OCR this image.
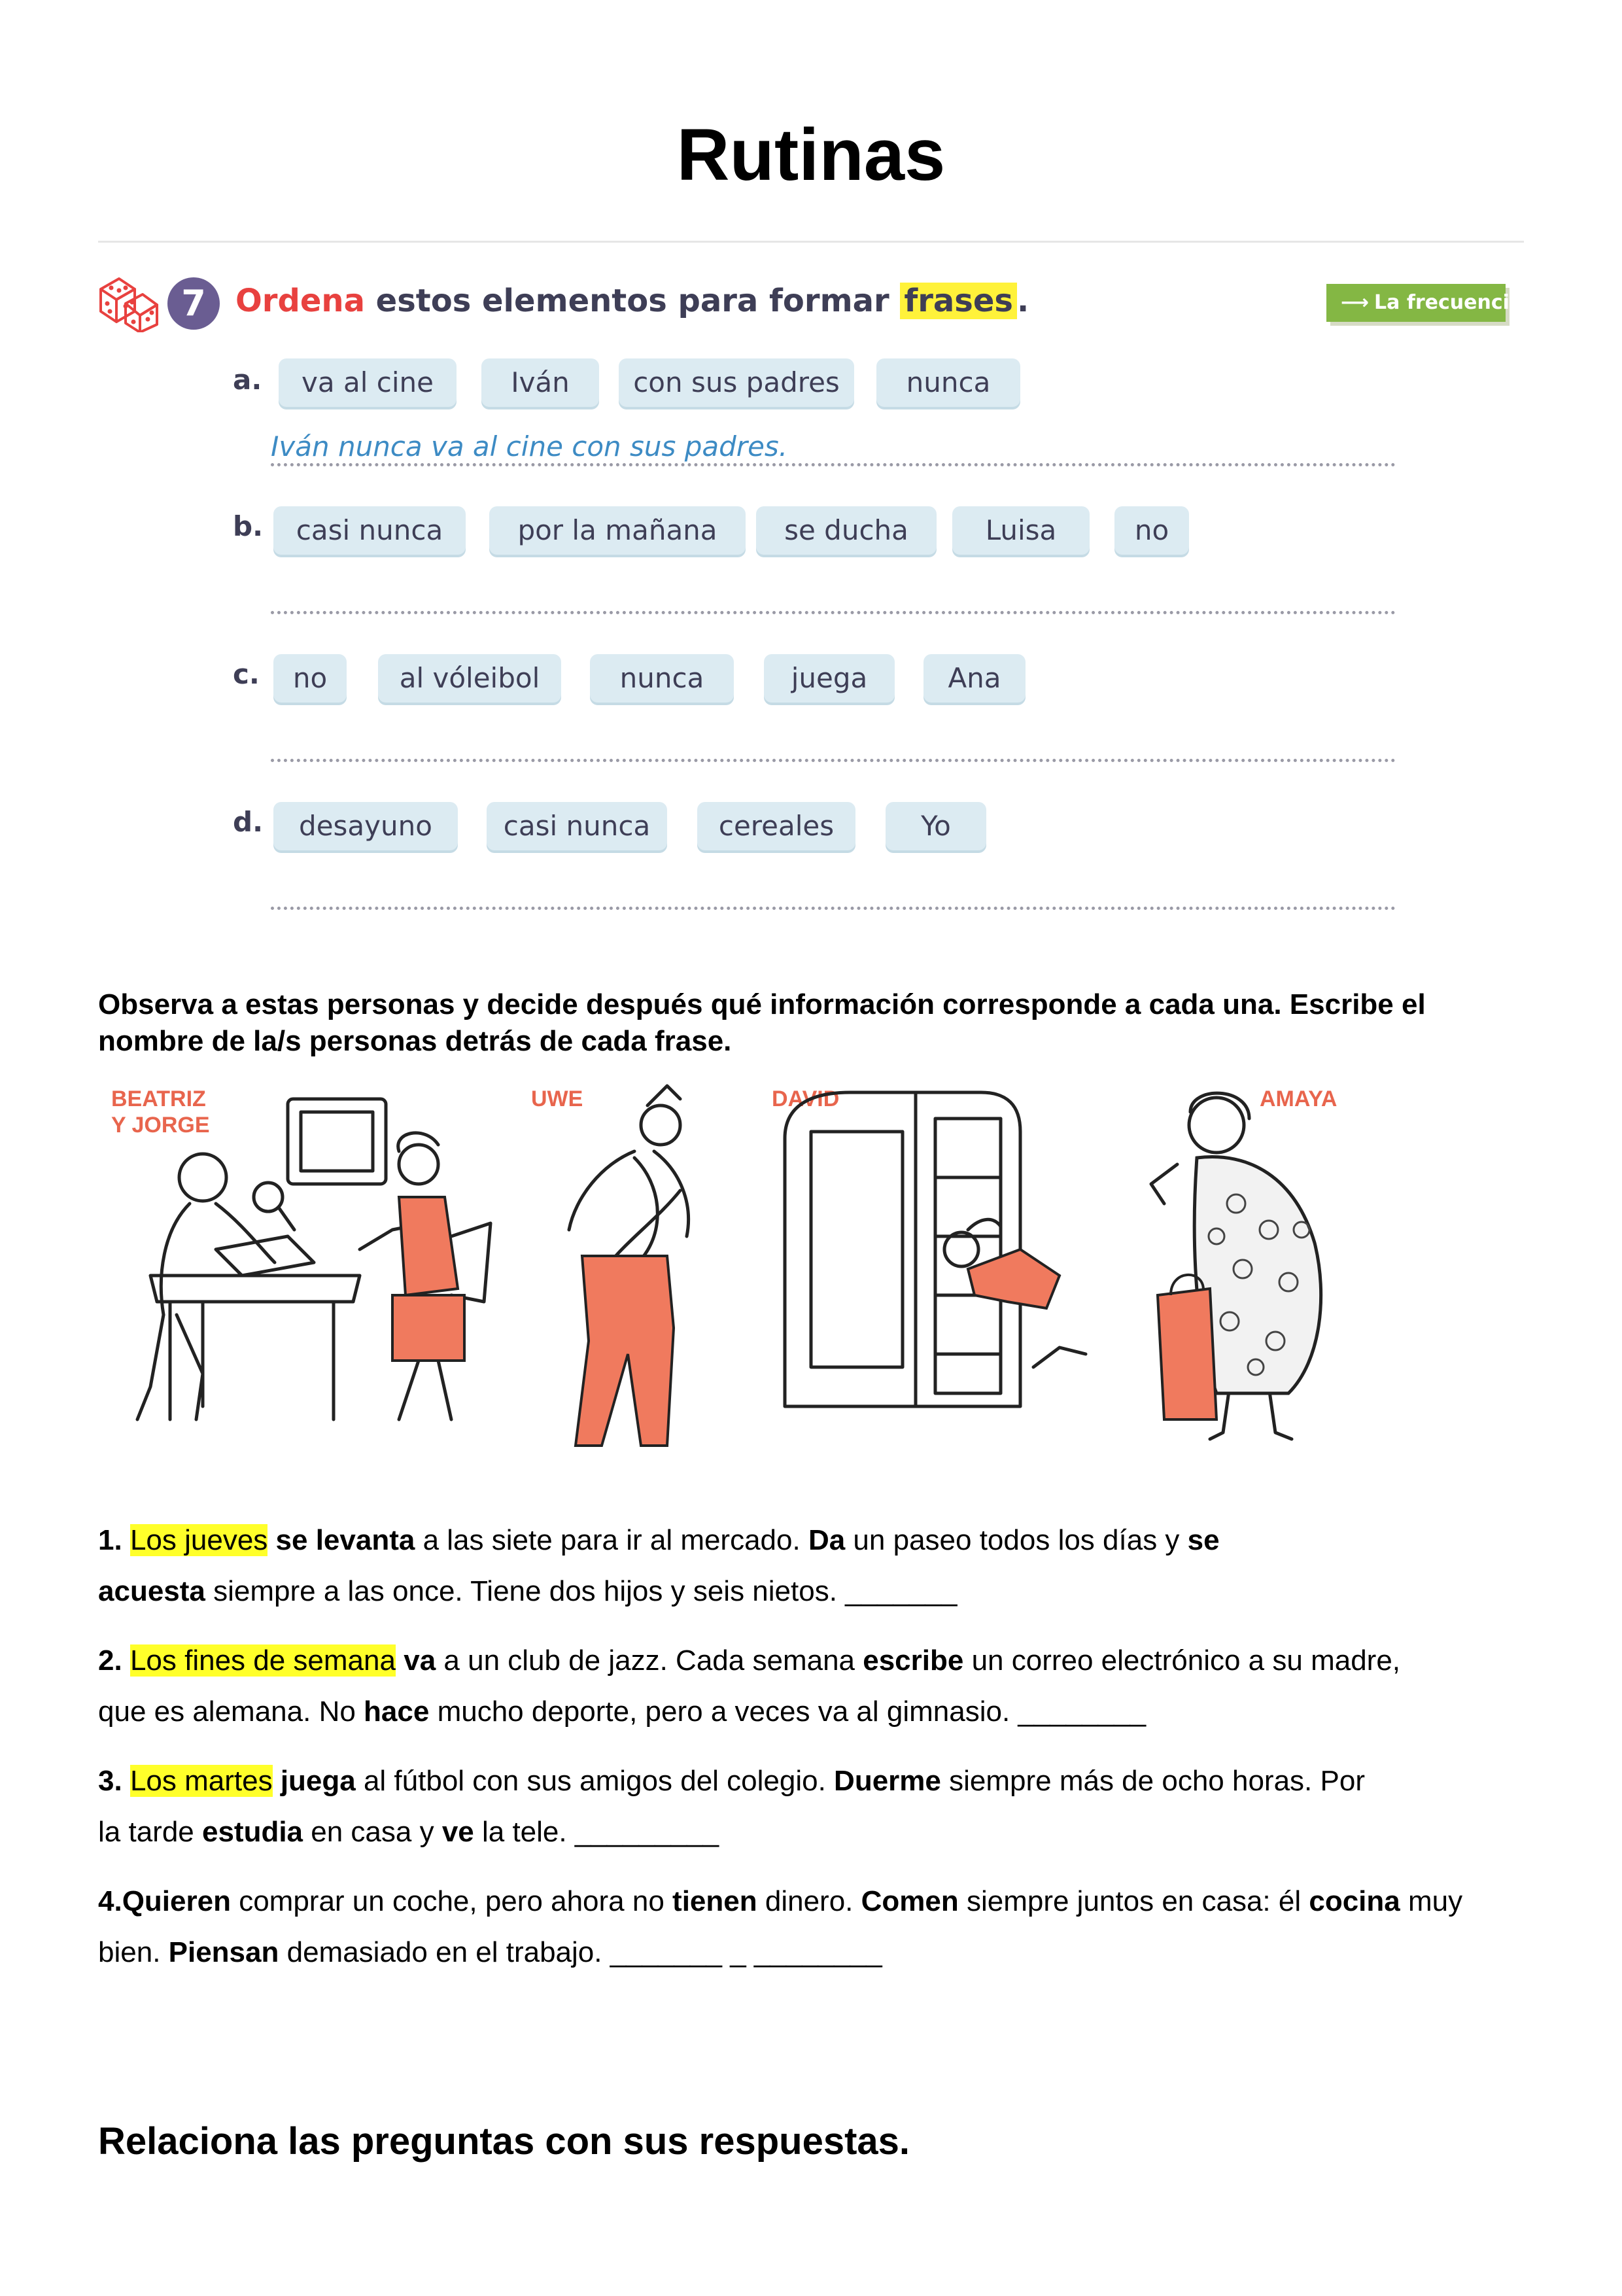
Rutinas
7 Ordena estos elementos para formar frases .	⟶ La frecuencia
a.	va al cine	Iván	con sus padres	nunca
Iván nunca va al cine con sus padres.
b.	casi nunca	por la mañana	se ducha	Luisa	no
c.	no	al vóleibol	nunca	juega	Ana
d.	desayuno	casi nunca	cereales	Yo
Observa a estas personas y decide después qué información corresponde a cada una. Escribe el nombre de la/s personas detrás de cada frase.
BEATRIZ
Y JORGE
UWE	DAVID	AMAYA
1. Los jueves se levanta a las siete para ir al mercado. Da un paseo todos los días y se
acuesta siempre a las once. Tiene dos hijos y seis nietos. _______
2. Los fines de semana va a un club de jazz. Cada semana escribe un correo electrónico a su madre,
que es alemana. No hace mucho deporte, pero a veces va al gimnasio. ________
3. Los martes juega al fútbol con sus amigos del colegio. Duerme siempre más de ocho horas. Por
la tarde estudia en casa y ve la tele. _________
4.Quieren comprar un coche, pero ahora no tienen dinero. Comen siempre juntos en casa: él cocina muy
bien. Piensan demasiado en el trabajo. _______ _ ________
Relaciona las preguntas con sus respuestas.
